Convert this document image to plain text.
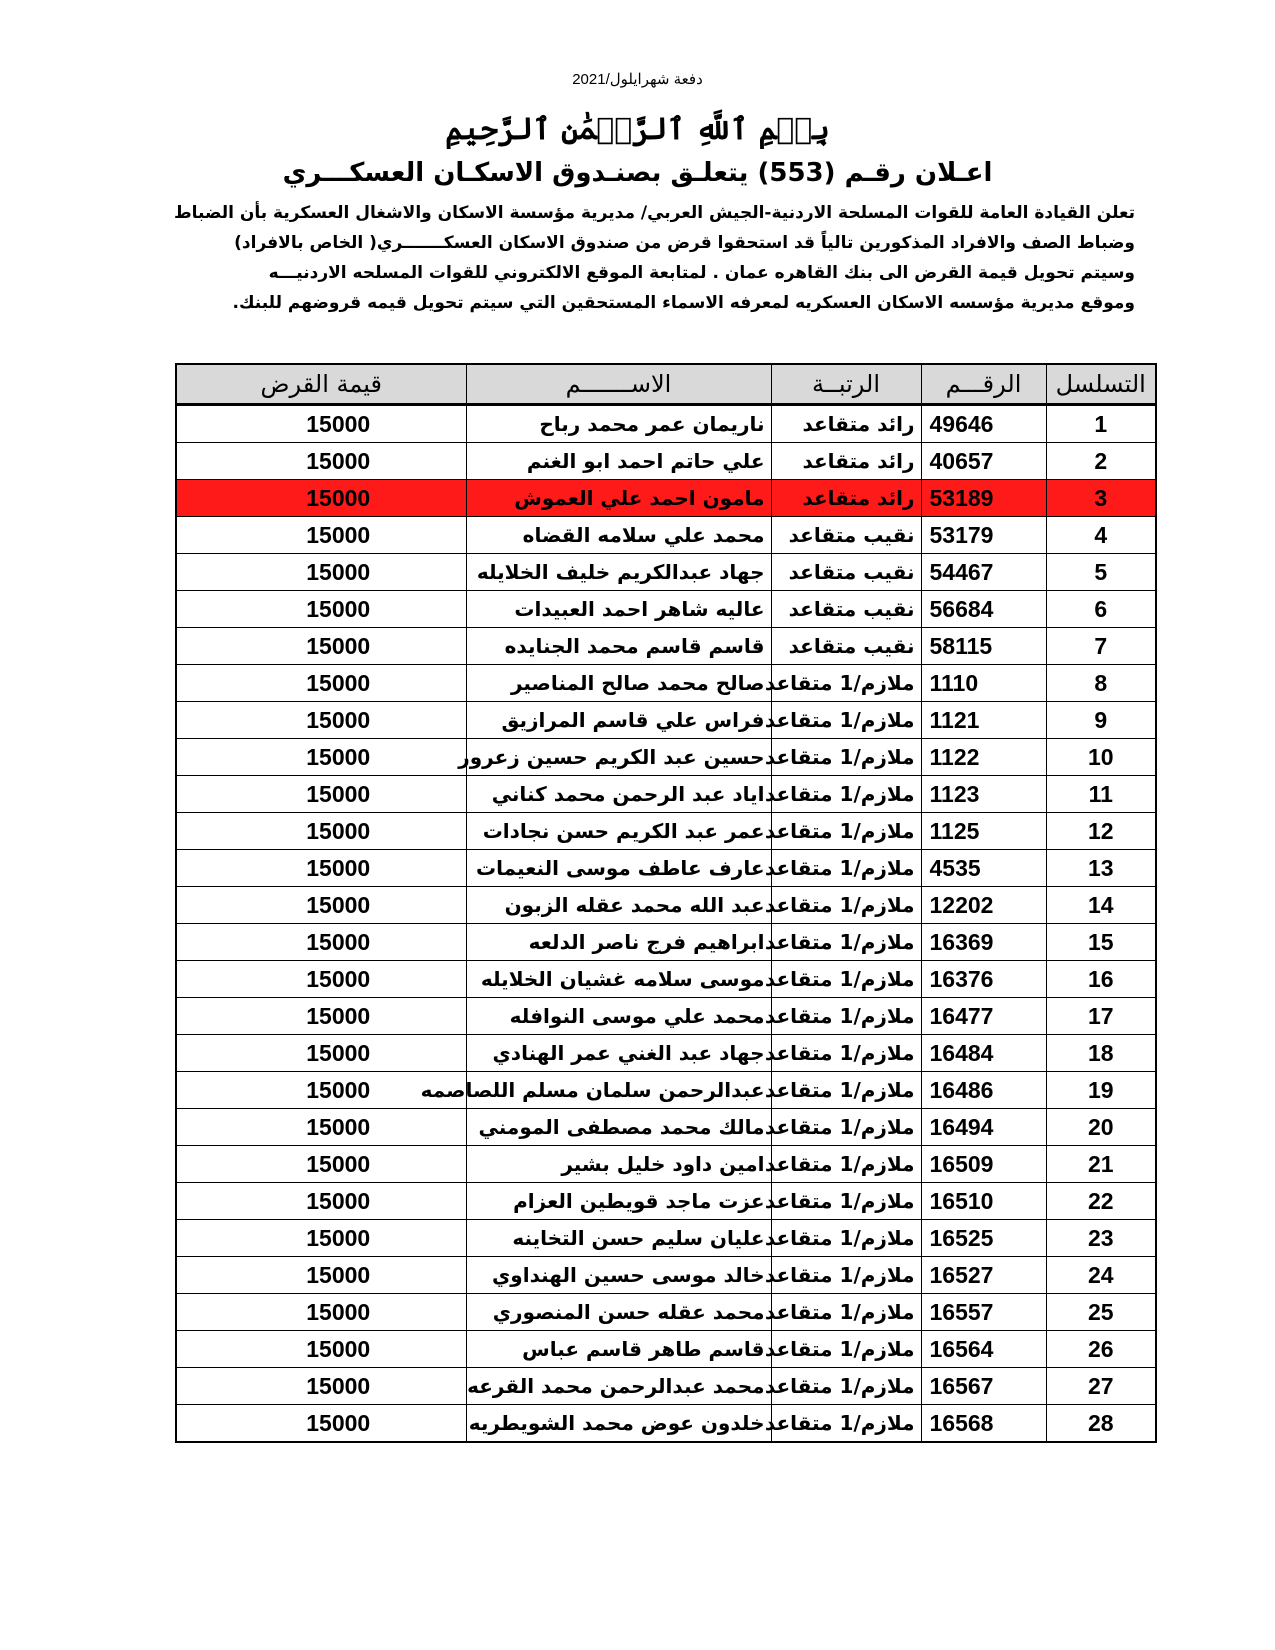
دفعة شهرايلول/2021
بِسۡمِ ٱللَّهِ ٱلرَّحۡمَٰنِ ٱلرَّحِيمِ
اعـلان رقـم (553) يتعلـق بصنـدوق الاسكـان العسكـــري
تعلن القيادة العامة للقوات المسلحة الاردنية-الجيش العربي/ مديرية مؤسسة الاسكان والاشغال العسكرية بأن الضباط
وضباط الصف والافراد المذكورين تالياً قد استحقوا قرض من صندوق الاسكان العسكـــــــري( الخاص بالافراد)
وسيتم تحويل قيمة القرض الى بنك القاهره عمان . لمتابعة الموقع الالكتروني للقوات المسلحه الاردنيـــه
وموقع مديرية مؤسسه الاسكان العسكريه لمعرفه الاسماء المستحقين التي سيتم تحويل قيمه قروضهم للبنك.
التسلسل	الرقـــم	الرتبــة	الاســـــــم	قيمة القرض
1	49646	رائد متقاعد	ناريمان عمر محمد رباح	15000
2	40657	رائد متقاعد	علي حاتم احمد ابو الغنم	15000
3	53189	رائد متقاعد	مامون احمد علي العموش	15000
4	53179	نقيب متقاعد	محمد علي سلامه القضاه	15000
5	54467	نقيب متقاعد	جهاد عبدالكريم خليف الخلايله	15000
6	56684	نقيب متقاعد	عاليه شاهر احمد العبيدات	15000
7	58115	نقيب متقاعد	قاسم قاسم محمد الجنايده	15000
8	1110	ملازم/1 متقاعد	صالح محمد صالح المناصير	15000
9	1121	ملازم/1 متقاعد	فراس علي قاسم المرازيق	15000
10	1122	ملازم/1 متقاعد	حسين عبد الكريم حسين زعرور	15000
11	1123	ملازم/1 متقاعد	اياد عبد الرحمن محمد كناني	15000
12	1125	ملازم/1 متقاعد	عمر عبد الكريم حسن نجادات	15000
13	4535	ملازم/1 متقاعد	عارف عاطف موسى النعيمات	15000
14	12202	ملازم/1 متقاعد	عبد الله محمد عقله الزبون	15000
15	16369	ملازم/1 متقاعد	ابراهيم فرج ناصر الدلعه	15000
16	16376	ملازم/1 متقاعد	موسى سلامه غشيان الخلايله	15000
17	16477	ملازم/1 متقاعد	محمد علي موسى النوافله	15000
18	16484	ملازم/1 متقاعد	جهاد عبد الغني عمر الهنادي	15000
19	16486	ملازم/1 متقاعد	عبدالرحمن سلمان مسلم اللصاصمه	15000
20	16494	ملازم/1 متقاعد	مالك محمد مصطفى المومني	15000
21	16509	ملازم/1 متقاعد	امين داود خليل بشير	15000
22	16510	ملازم/1 متقاعد	عزت ماجد قويطين العزام	15000
23	16525	ملازم/1 متقاعد	عليان سليم حسن التخاينه	15000
24	16527	ملازم/1 متقاعد	خالد موسى حسين الهنداوي	15000
25	16557	ملازم/1 متقاعد	محمد عقله حسن المنصوري	15000
26	16564	ملازم/1 متقاعد	قاسم طاهر قاسم عباس	15000
27	16567	ملازم/1 متقاعد	محمد عبدالرحمن محمد القرعه	15000
28	16568	ملازم/1 متقاعد	خلدون عوض محمد الشويطريه	15000
